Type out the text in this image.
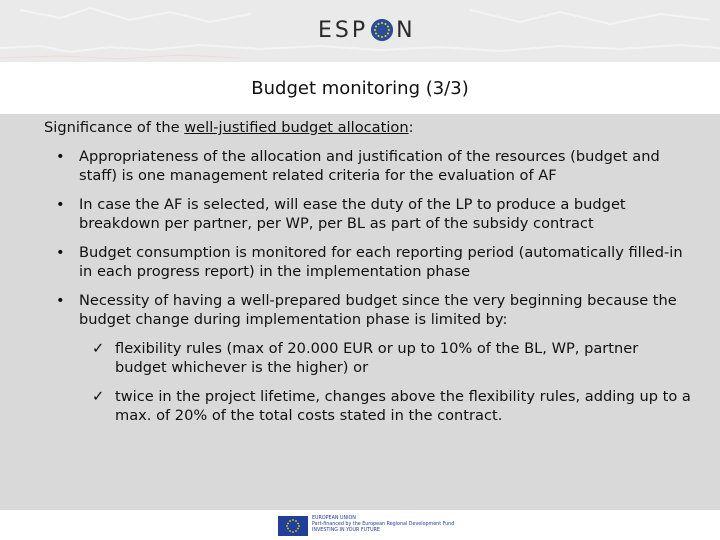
ESP N
Budget monitoring (3/3)

Significance of the well-justified budget allocation:

• Appropriateness of the allocation and justification of the resources (budget and staff) is one management related criteria for the evaluation of AF
• In case the AF is selected, will ease the duty of the LP to produce a budget breakdown per partner, per WP, per BL as part of the subsidy contract
• Budget consumption is monitored for each reporting period (automatically filled-in in each progress report) in the implementation phase
• Necessity of having a well-prepared budget since the very beginning because the budget change during implementation phase is limited by:
✓ flexibility rules (max of 20.000 EUR or up to 10% of the BL, WP, partner budget whichever is the higher) or
✓ twice in the project lifetime, changes above the flexibility rules, adding up to a max. of 20% of the total costs stated in the contract.
EUROPEAN UNION
Part-financed by the European Regional Development Fund
INVESTING IN YOUR FUTURE
